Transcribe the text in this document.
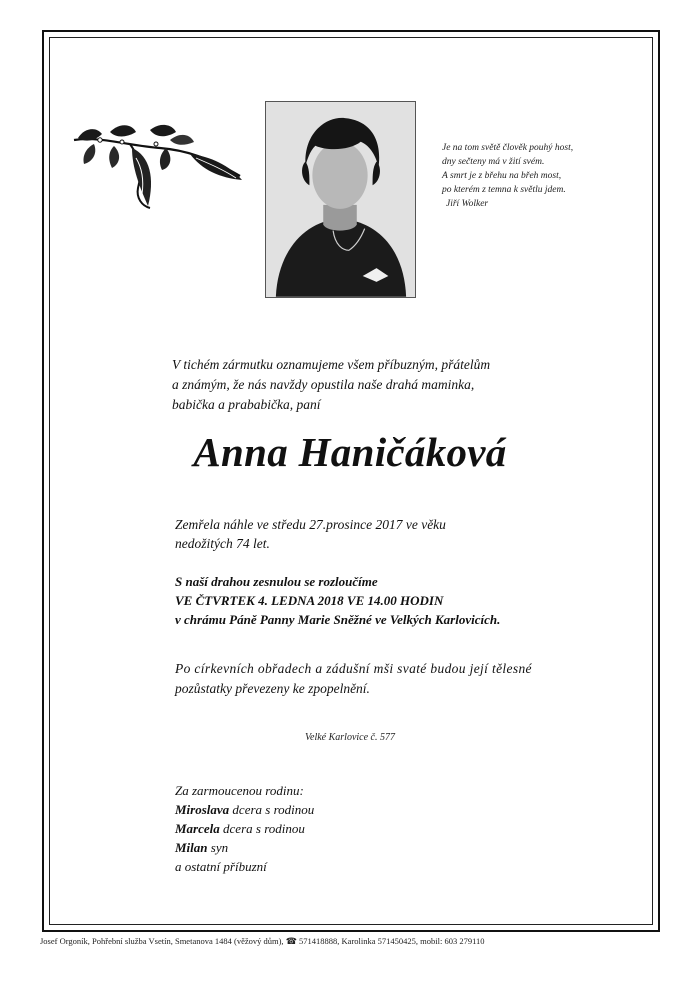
Je na tom světě člověk pouhý host,
dny sečteny má v žití svém.
A smrt je z břehu na břeh most,
po kterém z temna k světlu jdem.
Jiří Wolker
V tichém zármutku oznamujeme všem příbuzným, přátelům
a známým, že nás navždy opustila naše drahá maminka,
babička a prababička, paní
Anna Haničáková
Zemřela náhle ve středu 27.prosince 2017 ve věku
nedožitých 74 let.
S naší drahou zesnulou se rozloučíme
VE ČTVRTEK 4. LEDNA 2018 VE 14.00 HODIN
v chrámu Páně Panny Marie Sněžné ve Velkých Karlovicích.
Po církevních obřadech a zádušní mši svaté budou její tělesné
pozůstatky převezeny ke zpopelnění.
Velké Karlovice č. 577
Za zarmoucenou rodinu:
Miroslava dcera s rodinou
Marcela dcera s rodinou
Milan syn
a ostatní příbuzní
Josef Orgoník, Pohřební služba Vsetín, Smetanova 1484 (věžový dům), ☎ 571418888, Karolinka 571450425, mobil: 603 279110
